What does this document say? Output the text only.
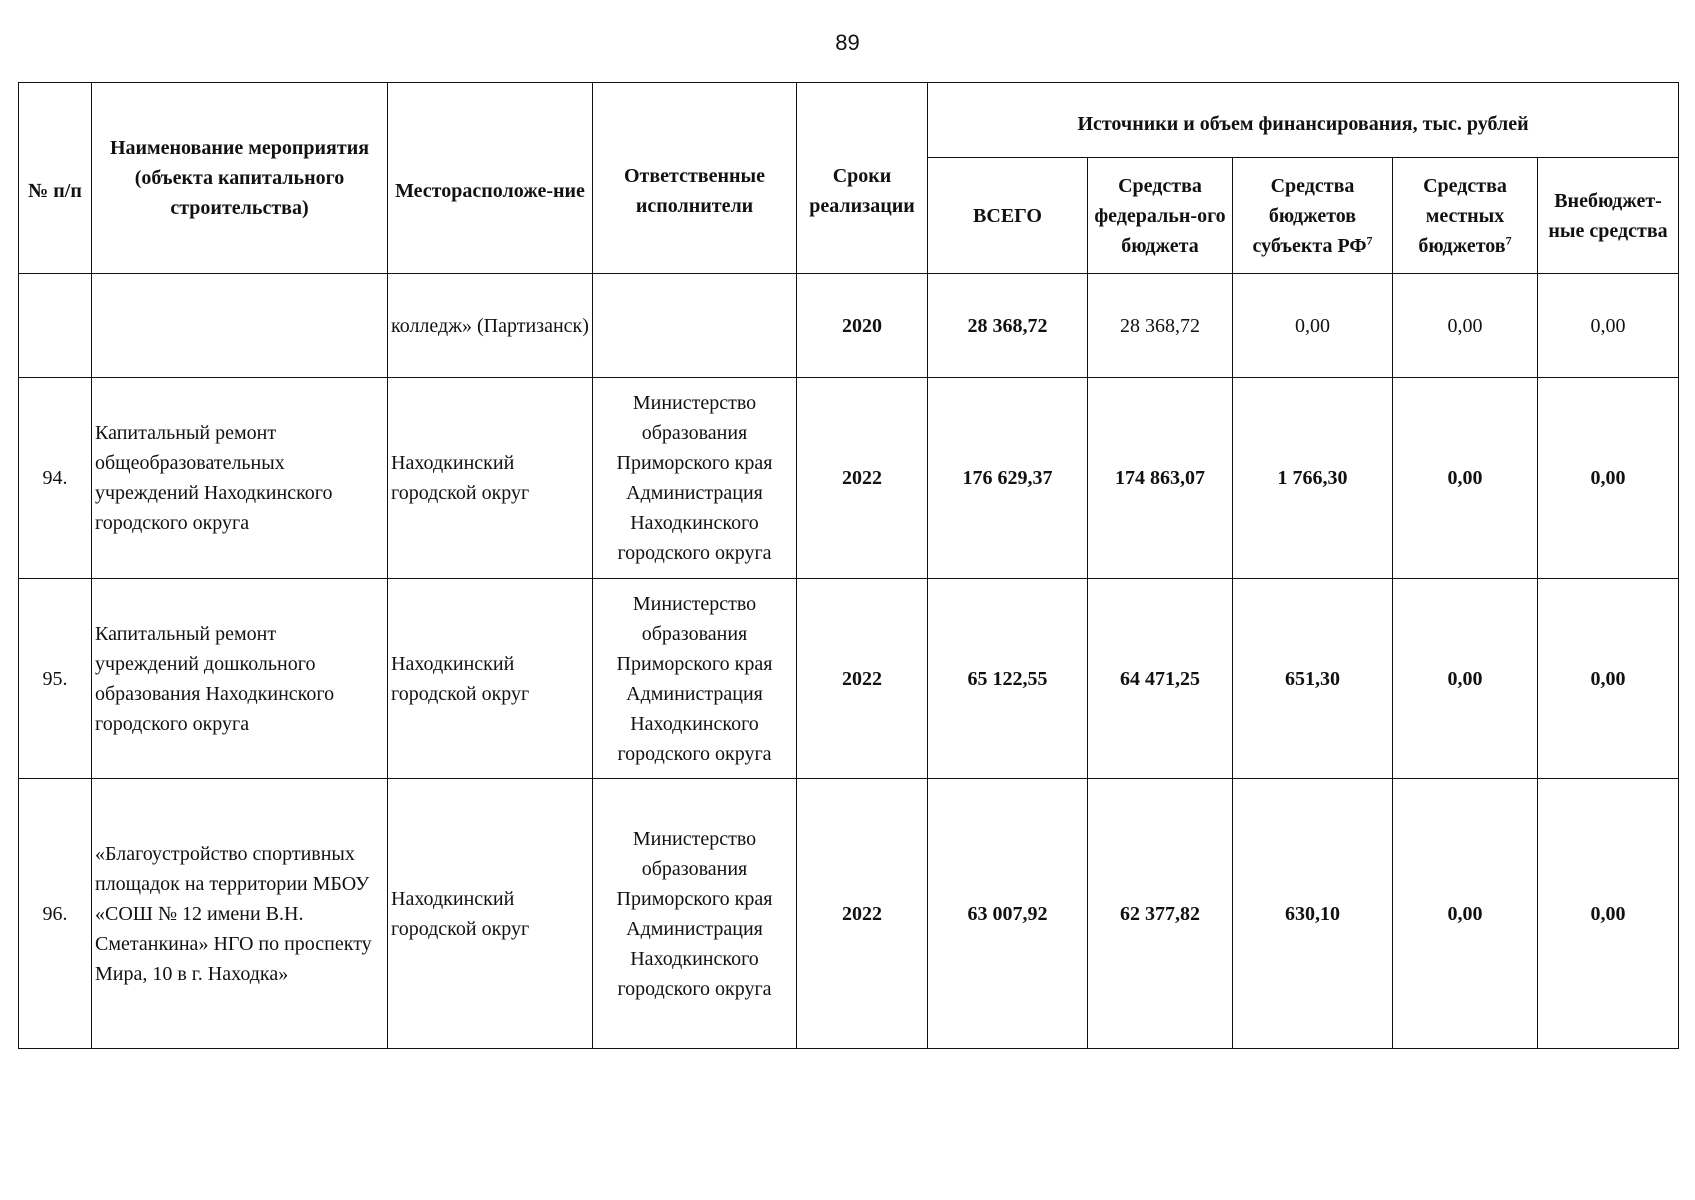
89
№ п/п	Наименование мероприятия (объекта капитального строительства)	Месторасположе-ние	Ответственные исполнители	Сроки реализации	Источники и объем финансирования, тыс. рублей				
					ВСЕГО	Средства федеральн-ого бюджета	Средства бюджетов субъекта $РФ^7$	Средства местных бюджетов$^7$	Внебюджет-ные средства
		колледж» (Партизанск)		2020	28 368,72	28 368,72	0,00	0,00	0,00
94.	Капитальный ремонт общеобразовательных учреждений Находкинского городского округа	Находкинский городской округ	Министерство образования Приморского края Администрация Находкинского городского округа	2022	176 629,37	174 863,07	1 766,30	0,00	0,00
95.	Капитальный ремонт учреждений дошкольного образования Находкинского городского округа	Находкинский городской округ	Министерство образования Приморского края Администрация Находкинского городского округа	2022	65 122,55	64 471,25	651,30	0,00	0,00
96.	«Благоустройство спортивных площадок на территории МБОУ «СОШ № 12 имени В.Н. Сметанкина» НГО по проспекту Мира, 10 в г. Находка»	Находкинский городской округ	Министерство образования Приморского края Администрация Находкинского городского округа	2022	63 007,92	62 377,82	630,10	0,00	0,00
